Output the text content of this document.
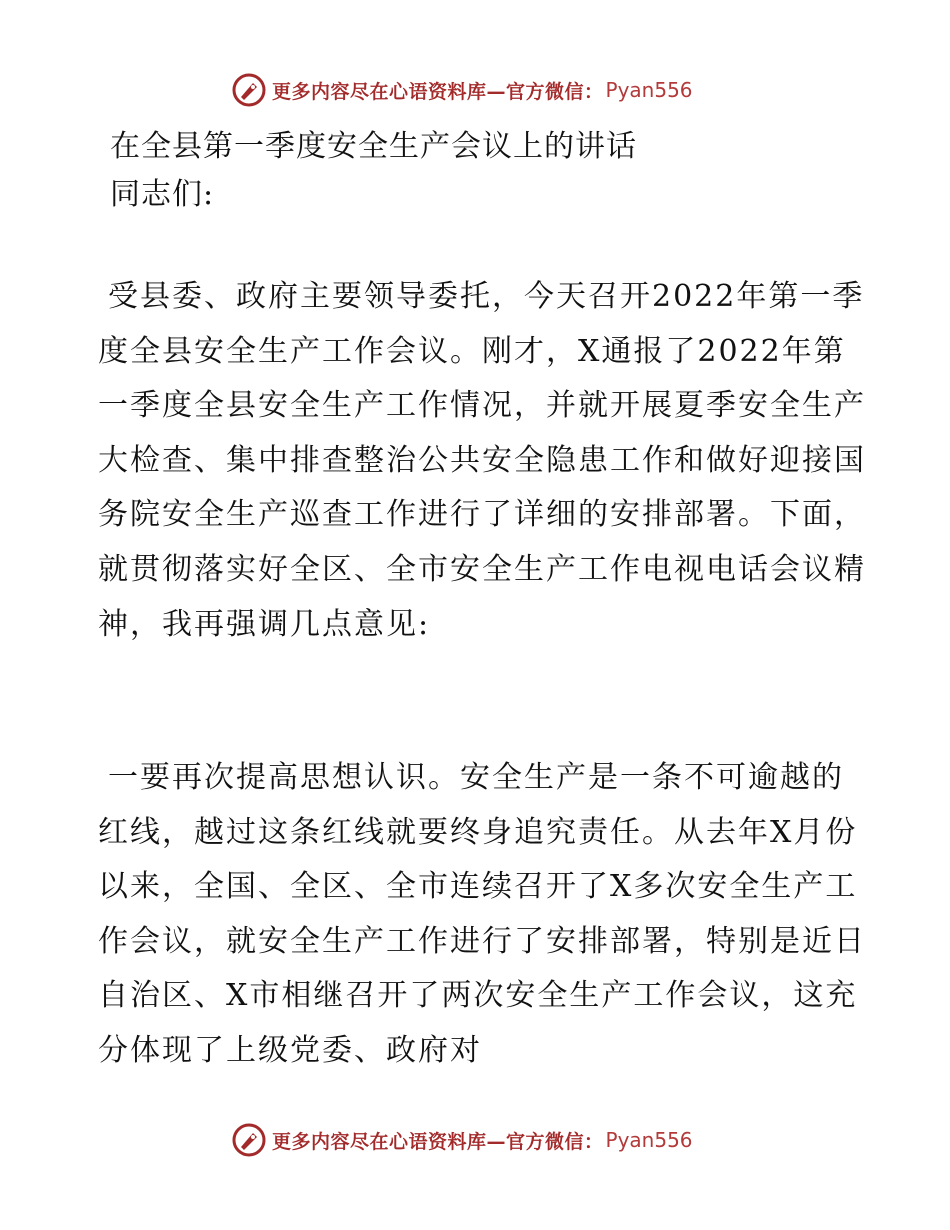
更多内容尽在心语资料库—官方微信： Pyan556
在全县第一季度安全生产会议上的讲话
同志们:

受县委、政府主要领导委托，今天召开2022年第一季度全县安全生产工作会议。刚才，X通报了2022年第一季度全县安全生产工作情况，并就开展夏季安全生产大检查、集中排查整治公共安全隐患工作和做好迎接国务院安全生产巡查工作进行了详细的安排部署。下面，就贯彻落实好全区、全市安全生产工作电视电话会议精神，我再强调几点意见:

一要再次提高思想认识。安全生产是一条不可逾越的红线，越过这条红线就要终身追究责任。从去年X月份以来，全国、全区、全市连续召开了X多次安全生产工作会议，就安全生产工作进行了安排部署，特别是近日自治区、X市相继召开了两次安全生产工作会议，这充分体现了上级党委、政府对

更多内容尽在心语资料库—官方微信： Pyan556
